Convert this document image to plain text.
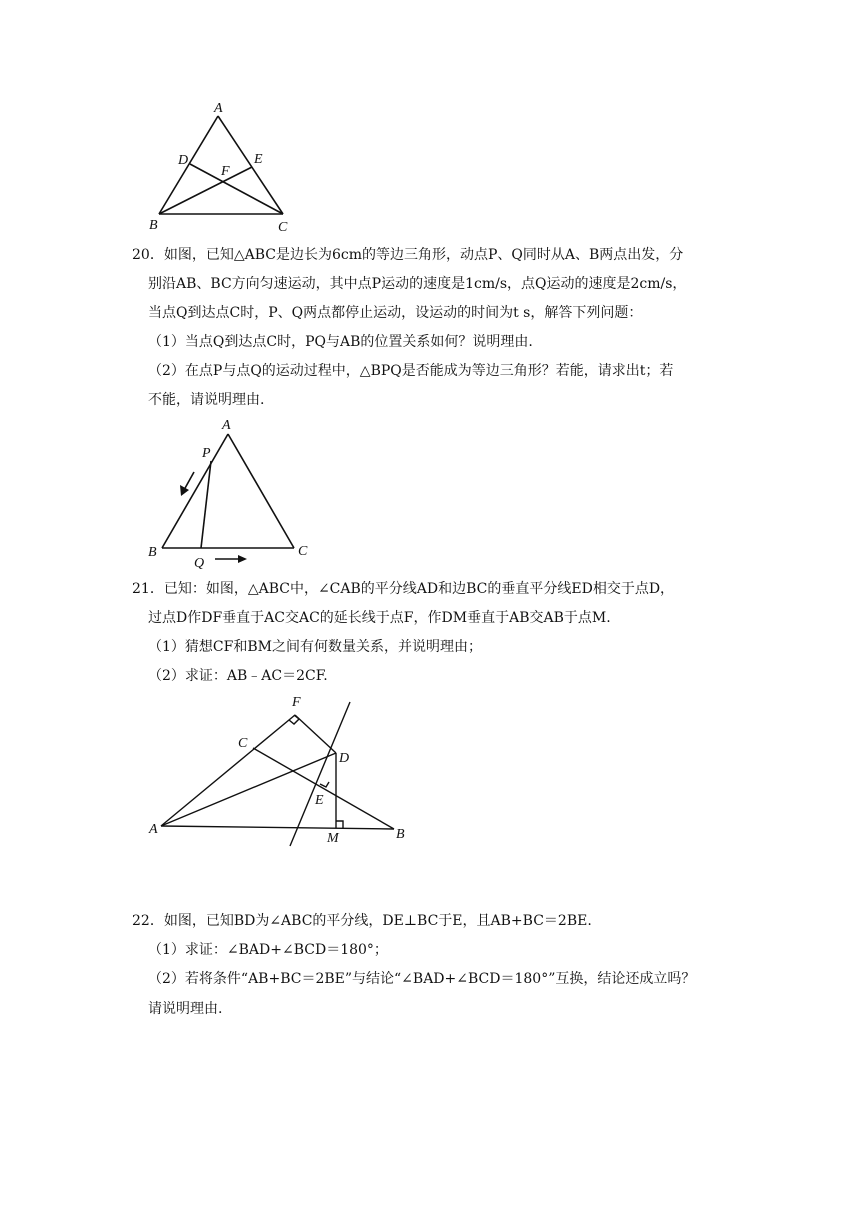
A
D	E
F
B	C
20．如图，已知△ABC是边长为6cm的等边三角形，动点P、Q同时从A、B两点出发，分
别沿AB、BC方向匀速运动，其中点P运动的速度是1cm/s，点Q运动的速度是2cm/s，
当点Q到达点C时，P、Q两点都停止运动，设运动的时间为t s，解答下列问题：
（1）当点Q到达点C时，PQ与AB的位置关系如何？说明理由.
（2）在点P与点Q的运动过程中，△BPQ是否能成为等边三角形？若能，请求出t；若
不能，请说明理由.
A
P
B
Q
C
21．已知：如图，△ABC中，∠CAB的平分线AD和边BC的垂直平分线ED相交于点D，
过点D作DF垂直于AC交AC的延长线于点F，作DM垂直于AB交AB于点M.
（1）猜想CF和BM之间有何数量关系，并说明理由；
（2）求证：AB﹣AC＝2CF.
F
C
D
E
A
M	B
22．如图，已知BD为∠ABC的平分线，DE⊥BC于E，且AB+BC＝2BE.
（1）求证：∠BAD+∠BCD＝180°；
（2）若将条件“AB+BC＝2BE”与结论“∠BAD+∠BCD＝180°”互换，结论还成立吗？
请说明理由.
